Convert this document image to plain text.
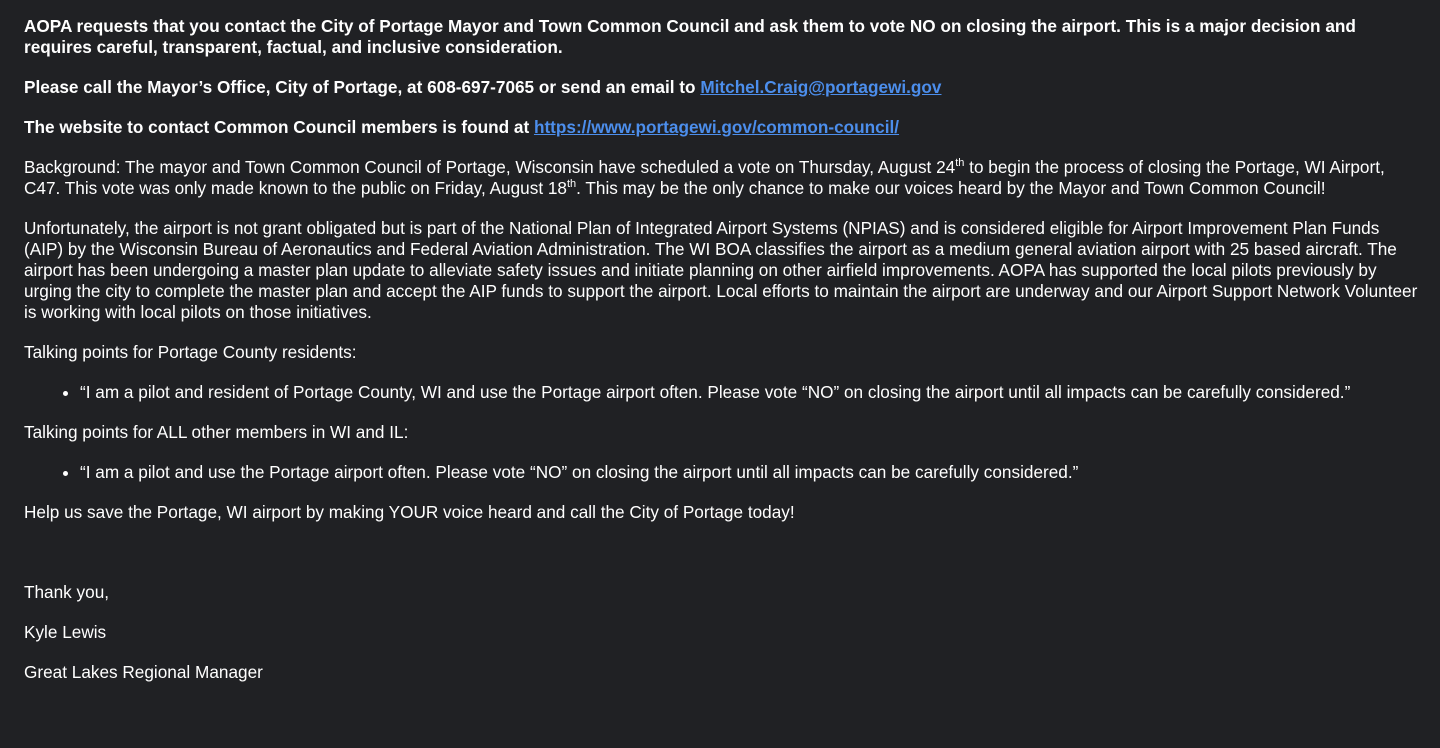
AOPA requests that you contact the City of Portage Mayor and Town Common Council and ask them to vote NO on closing the airport. This is a major decision and requires careful, transparent, factual, and inclusive consideration.

Please call the Mayor’s Office, City of Portage, at 608-697-7065 or send an email to Mitchel.Craig@portagewi.gov

The website to contact Common Council members is found at https://www.portagewi.gov/common-council/

Background: The mayor and Town Common Council of Portage, Wisconsin have scheduled a vote on Thursday, August 24th to begin the process of closing the Portage, WI Airport, C47. This vote was only made known to the public on Friday, August 18th. This may be the only chance to make our voices heard by the Mayor and Town Common Council!

Unfortunately, the airport is not grant obligated but is part of the National Plan of Integrated Airport Systems (NPIAS) and is considered eligible for Airport Improvement Plan Funds (AIP) by the Wisconsin Bureau of Aeronautics and Federal Aviation Administration. The WI BOA classifies the airport as a medium general aviation airport with 25 based aircraft. The airport has been undergoing a master plan update to alleviate safety issues and initiate planning on other airfield improvements. AOPA has supported the local pilots previously by urging the city to complete the master plan and accept the AIP funds to support the airport. Local efforts to maintain the airport are underway and our Airport Support Network Volunteer is working with local pilots on those initiatives.

Talking points for Portage County residents:

• “I am a pilot and resident of Portage County, WI and use the Portage airport often. Please vote “NO” on closing the airport until all impacts can be carefully considered.”

Talking points for ALL other members in WI and IL:

• “I am a pilot and use the Portage airport often. Please vote “NO” on closing the airport until all impacts can be carefully considered.”

Help us save the Portage, WI airport by making YOUR voice heard and call the City of Portage today!

Thank you,

Kyle Lewis

Great Lakes Regional Manager
